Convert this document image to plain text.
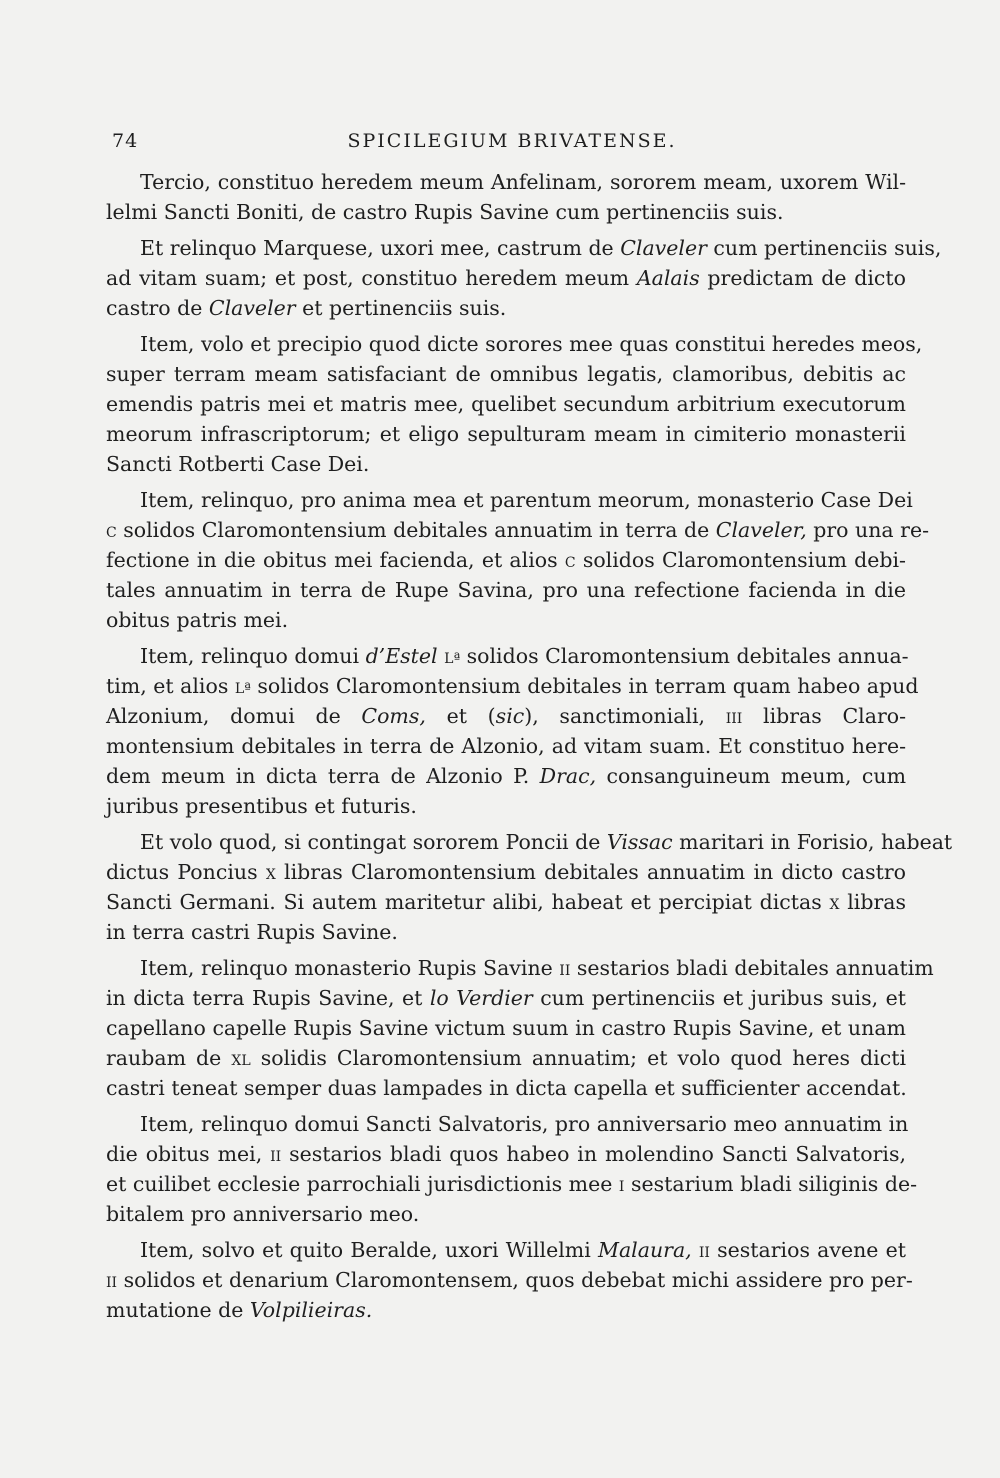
74	SPICILEGIUM BRIVATENSE.
Tercio, constituo heredem meum Anfelinam, sororem meam, uxorem Wil-
lelmi Sancti Boniti, de castro Rupis Savine cum pertinenciis suis.
Et relinquo Marquese, uxori mee, castrum de Claveler cum pertinenciis suis,
ad vitam suam; et post, constituo heredem meum Aalais predictam de dicto
castro de Claveler et pertinenciis suis.
Item, volo et precipio quod dicte sorores mee quas constitui heredes meos,
super terram meam satisfaciant de omnibus legatis, clamoribus, debitis ac
emendis patris mei et matris mee, quelibet secundum arbitrium executorum
meorum infrascriptorum; et eligo sepulturam meam in cimiterio monasterii
Sancti Rotberti Case Dei.
Item, relinquo, pro anima mea et parentum meorum, monasterio Case Dei
C solidos Claromontensium debitales annuatim in terra de Claveler, pro una re-
fectione in die obitus mei facienda, et alios C solidos Claromontensium debi-
tales annuatim in terra de Rupe Savina, pro una refectione facienda in die
obitus patris mei.
Item, relinquo domui d’Estel Lª solidos Claromontensium debitales annua-
tim, et alios Lª solidos Claromontensium debitales in terram quam habeo apud
Alzonium, domui de Coms, et (sic), sanctimoniali, III libras Claro-
montensium debitales in terra de Alzonio, ad vitam suam. Et constituo here-
dem meum in dicta terra de Alzonio P. Drac, consanguineum meum, cum
juribus presentibus et futuris.
Et volo quod, si contingat sororem Poncii de Vissac maritari in Forisio, habeat
dictus Poncius X libras Claromontensium debitales annuatim in dicto castro
Sancti Germani. Si autem maritetur alibi, habeat et percipiat dictas X libras
in terra castri Rupis Savine.
Item, relinquo monasterio Rupis Savine II sestarios bladi debitales annuatim
in dicta terra Rupis Savine, et lo Verdier cum pertinenciis et juribus suis, et
capellano capelle Rupis Savine victum suum in castro Rupis Savine, et unam
raubam de XL solidis Claromontensium annuatim; et volo quod heres dicti
castri teneat semper duas lampades in dicta capella et sufficienter accendat.
Item, relinquo domui Sancti Salvatoris, pro anniversario meo annuatim in
die obitus mei, II sestarios bladi quos habeo in molendino Sancti Salvatoris,
et cuilibet ecclesie parrochiali jurisdictionis mee I sestarium bladi siliginis de-
bitalem pro anniversario meo.
Item, solvo et quito Beralde, uxori Willelmi Malaura, II sestarios avene et
II solidos et denarium Claromontensem, quos debebat michi assidere pro per-
mutatione de Volpilieiras.
